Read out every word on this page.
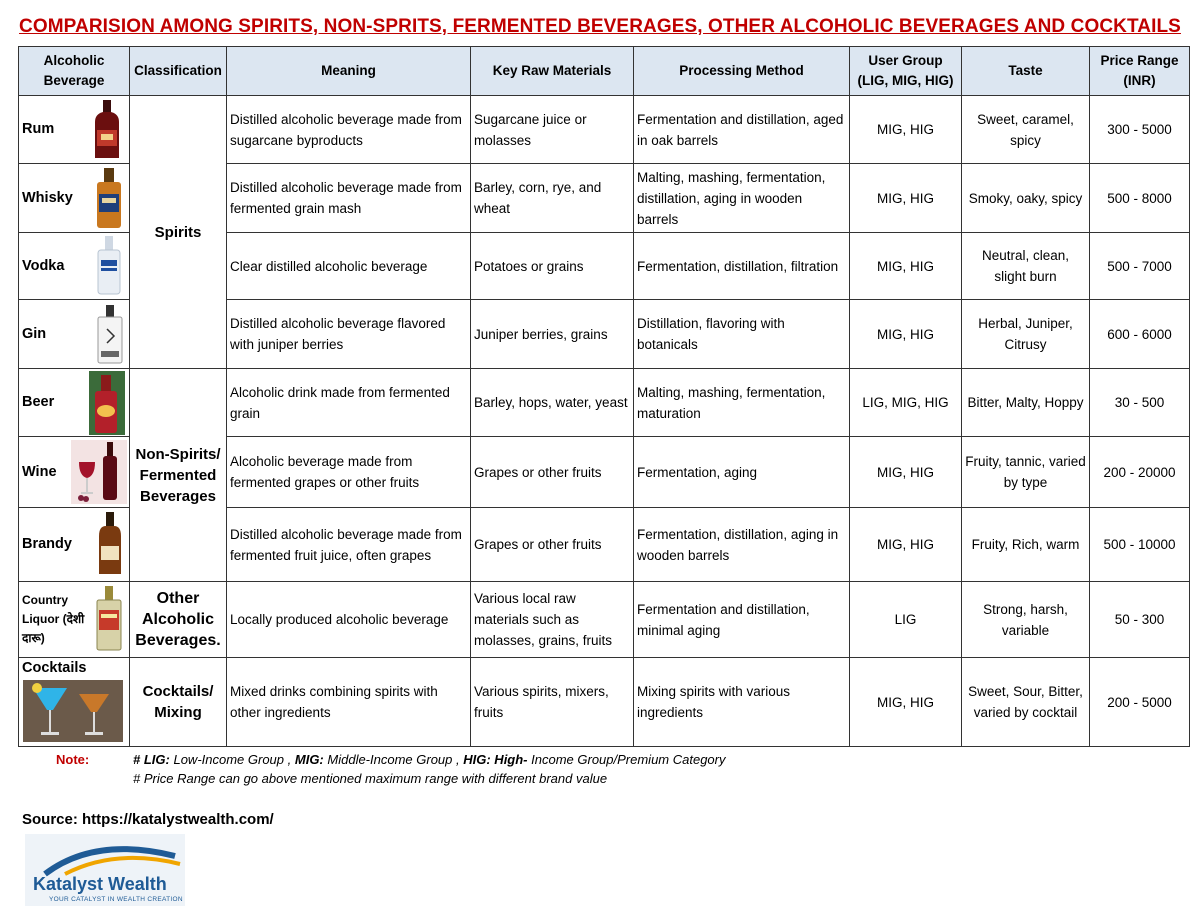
COMPARISION AMONG SPIRITS, NON-SPRITS, FERMENTED BEVERAGES, OTHER ALCOHOLIC BEVERAGES AND COCKTAILS
Alcoholic Beverage	Classification	Meaning	Key Raw Materials	Processing Method	User Group (LIG, MIG, HIG)	Taste	Price Range (INR)
Rum	Spirits	Distilled alcoholic beverage made from sugarcane byproducts	Sugarcane juice or molasses	Fermentation and distillation, aged in oak barrels	MIG, HIG	Sweet, caramel, spicy	300 - 5000
Whisky		Distilled alcoholic beverage made from fermented grain mash	Barley, corn, rye, and wheat	Malting, mashing, fermentation, distillation, aging in wooden barrels	MIG, HIG	Smoky, oaky, spicy	500 - 8000
Vodka		Clear distilled alcoholic beverage	Potatoes or grains	Fermentation, distillation, filtration	MIG, HIG	Neutral, clean, slight burn	500 - 7000
Gin		Distilled alcoholic beverage flavored with juniper berries	Juniper berries, grains	Distillation, flavoring with botanicals	MIG, HIG	Herbal, Juniper, Citrusy	600 - 6000
Beer	Non-Spirits/ Fermented Beverages	Alcoholic drink made from fermented grain	Barley, hops, water, yeast	Malting, mashing, fermentation, maturation	LIG, MIG, HIG	Bitter, Malty, Hoppy	30 - 500
Wine		Alcoholic beverage made from fermented grapes or other fruits	Grapes or other fruits	Fermentation, aging	MIG, HIG	Fruity, tannic, varied by type	200 - 20000
Brandy		Distilled alcoholic beverage made from fermented fruit juice, often grapes	Grapes or other fruits	Fermentation, distillation, aging in wooden barrels	MIG, HIG	Fruity, Rich, warm	500 - 10000

Country Liquor (देशी दारू)	Other Alcoholic Beverages.	Locally produced alcoholic beverage	Various local raw materials such as molasses, grains, fruits	Fermentation and distillation, minimal aging	LIG	Strong, harsh, variable	50 - 300
Cocktails	Cocktails/ Mixing	Mixed drinks combining spirits with other ingredients	Various spirits, mixers, fruits	Mixing spirits with various ingredients	MIG, HIG	Sweet, Sour, Bitter, varied by cocktail	200 - 5000
Note:	# LIG: Low-Income Group , MIG: Middle-Income Group , HIG: High- Income Group/Premium Category
# Price Range can go above mentioned maximum range with different brand value
Source: https://katalystwealth.com/
Katalyst Wealth
YOUR CATALYST IN WEALTH CREATION
